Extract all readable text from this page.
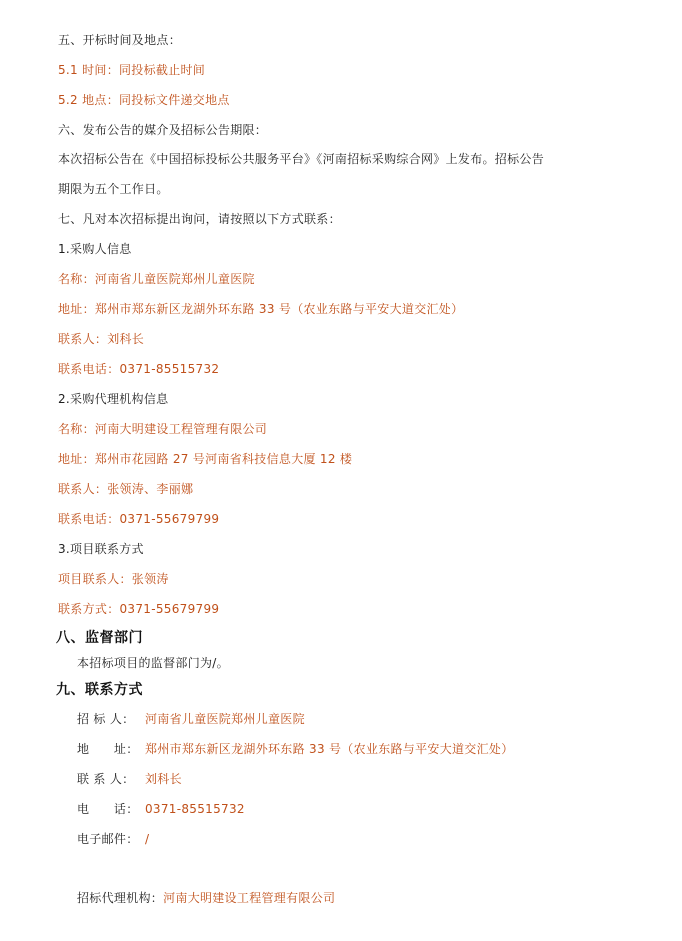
五、开标时间及地点：
5.1 时间：同投标截止时间
5.2 地点：同投标文件递交地点
六、发布公告的媒介及招标公告期限：
本次招标公告在《中国招标投标公共服务平台》《河南招标采购综合网》上发布。招标公告
期限为五个工作日。
七、凡对本次招标提出询问，请按照以下方式联系：
1.采购人信息
名称：河南省儿童医院郑州儿童医院
地址：郑州市郑东新区龙湖外环东路 33 号（农业东路与平安大道交汇处）
联系人：刘科长
联系电话：0371-85515732
2.采购代理机构信息
名称：河南大明建设工程管理有限公司
地址：郑州市花园路 27 号河南省科技信息大厦 12 楼
联系人：张领涛、李丽娜
联系电话：0371-55679799
3.项目联系方式
项目联系人：张领涛
联系方式：0371-55679799
八、监督部门
本招标项目的监督部门为/。
九、联系方式
招 标 人： 河南省儿童医院郑州儿童医院
地　　址： 郑州市郑东新区龙湖外环东路 33 号（农业东路与平安大道交汇处）
联 系 人： 刘科长
电　　话： 0371-85515732
电子邮件： /
招标代理机构：河南大明建设工程管理有限公司
